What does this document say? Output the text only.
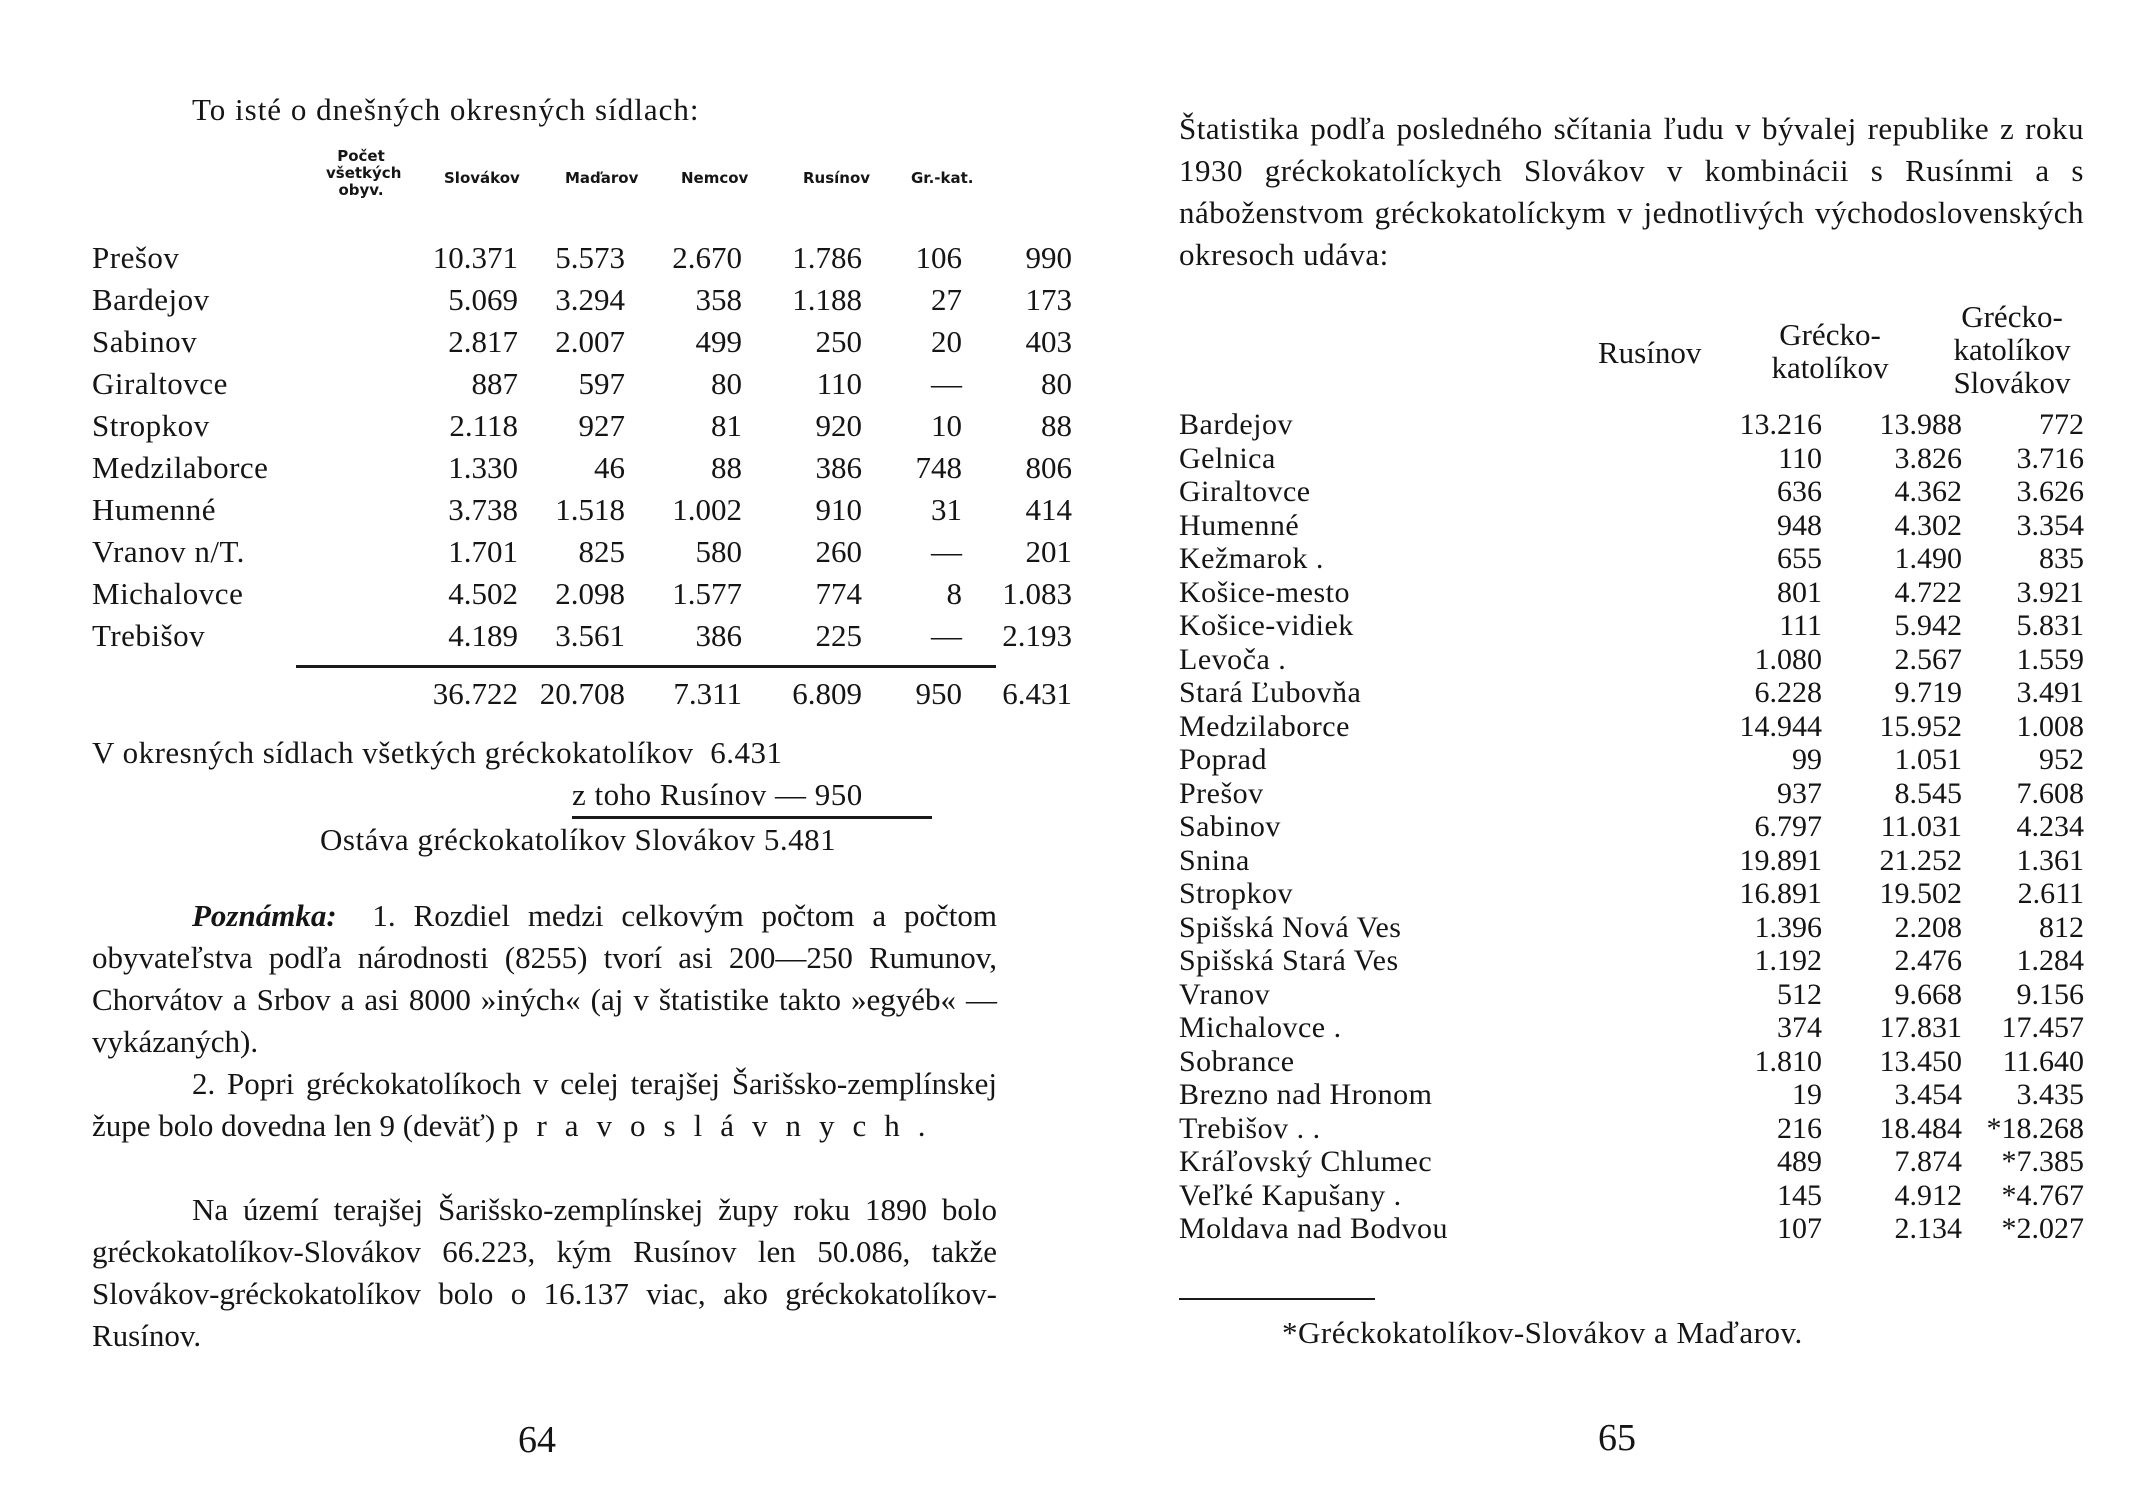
To isté o dnešných okresných sídlach:
Počet
všetkých
obyv.
Slovákov	Maďarov	Nemcov	Rusínov	Gr.-kat.
Prešov	10.371 5.573 2.670 1.786 106 990
Bardejov	5.069 3.294 358 1.188 27 173
Sabinov	2.817 2.007 499 250 20 403
Giraltovce	887 597	80 110 —	80
Stropkov	2.118 927	81 920 10	88
Medzilaborce	1.330 46	88 386 748 806
Humenné	3.738 1.518 1.002 910 31 414
Vranov n/T.	1.701 825 580 260 — 201
Michalovce	4.502 2.098 1.577 774	8 1.083
Trebišov	4.189 3.561 386 225 — 2.193
36.722 20.708 7.311 6.809 950 6.431
V okresných sídlach všetkých gréckokatolíkov 6.431
z toho Rusínov — 950
Ostáva gréckokatolíkov Slovákov 5.481
Poznámka: 1. Rozdiel medzi celkovým počtom a počtom obyvateľstva podľa národnosti (8255) tvorí asi 200—250 Rumunov, Chorvátov a Srbov a asi 8000 »iných« (aj v štatistike takto »egyéb« — vykázaných).
2. Popri gréckokatolíkoch v celej terajšej Šarišsko-zemplínskej župe bolo dovedna len 9 (deväť) pravoslávnych.
Na území terajšej Šarišsko-zemplínskej župy roku 1890 bolo gréckokatolíkov-Slovákov 66.223, kým Rusínov len 50.086, takže Slovákov-gréckokatolíkov bolo o 16.137 viac, ako gréckokatolíkov-Rusínov.
64
Štatistika podľa posledného sčítania ľudu v bývalej republike z roku 1930 gréckokatolíckych Slovákov v kombinácii s Rusínmi a s náboženstvom gréckokatolíckym v jednotlivých východoslovenských okresoch udáva:
Rusínov
Grécko-
katolíkov
Grécko-
katolíkov
Slovákov
Bardejov	13.216 13.988	772
Gelnica	110 3.826 3.716
Giraltovce	636 4.362 3.626
Humenné	948 4.302 3.354
Kežmarok .	655 1.490	835
Košice-mesto	801 4.722 3.921
Košice-vidiek	111 5.942 5.831
Levoča .	1.080 2.567 1.559
Stará Ľubovňa	6.228 9.719 3.491
Medzilaborce	14.944 15.952 1.008
Poprad	99 1.051	952
Prešov	937 8.545 7.608
Sabinov	6.797 11.031 4.234
Snina	19.891 21.252 1.361
Stropkov	16.891 19.502 2.611
Spišská Nová Ves	1.396 2.208	812
Spišská Stará Ves	1.192 2.476 1.284
Vranov	512 9.668 9.156
Michalovce .	374 17.831 17.457
Sobrance	1.810 13.450 11.640
Brezno nad Hronom	19 3.454 3.435
Trebišov . .	216 18.484 *18.268
Kráľovský Chlumec	489 7.874 *7.385
Veľké Kapušany .	145 4.912 *4.767
Moldava nad Bodvou	107 2.134 *2.027
*Gréckokatolíkov-Slovákov a Maďarov.
65
